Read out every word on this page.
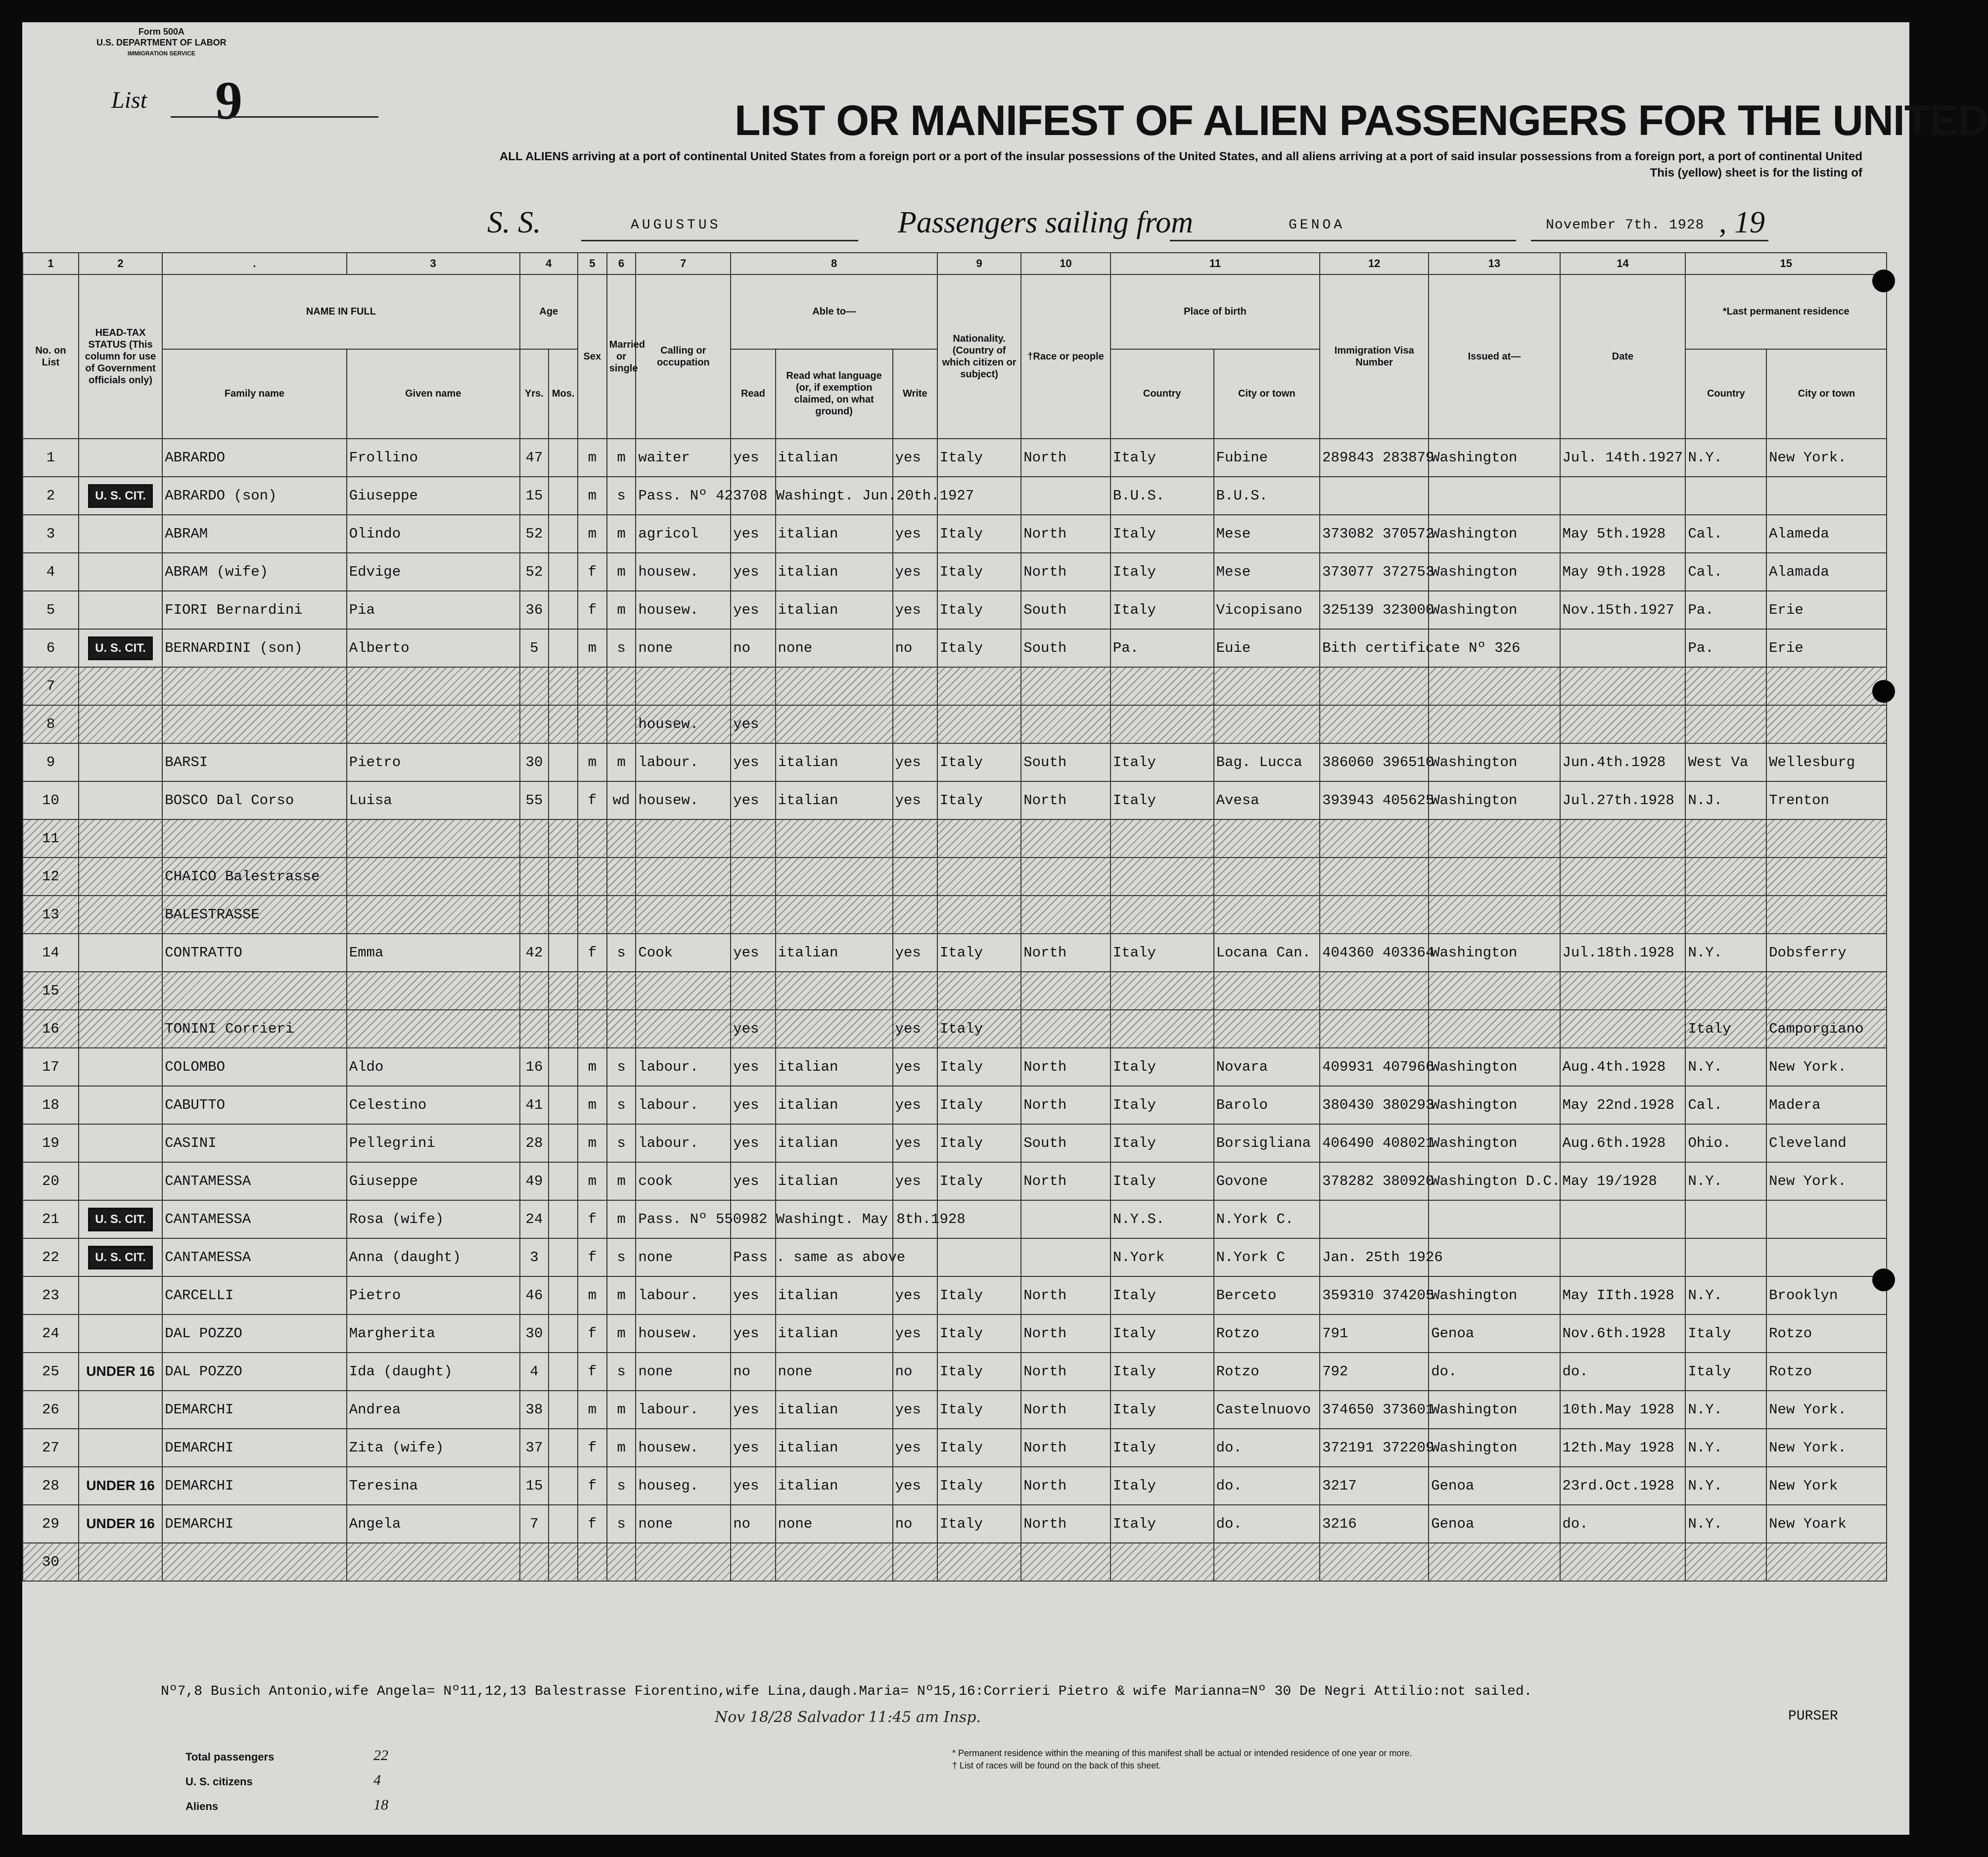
Form 500A
U.S. DEPARTMENT OF LABOR
IMMIGRATION SERVICE
List 9	LIST OR MANIFEST OF ALIEN PASSENGERS FOR THE UNITED
ALL ALIENS arriving at a port of continental United States from a foreign port or a port of the insular possessions of the United States, and all aliens arriving at a port of said insular possessions from a foreign port, a port of continental United
This (yellow) sheet is for the listing of
S. S.	AUGUSTUS	Passengers sailing from	GENOA	November 7th. 1928 , 19
1	2	.	3	4		5	6	7	8			9	10	11		12	13	14	15	
No. on List	HEAD-TAX STATUS (This column for use of Government officials only)	NAME IN FULL		Age		Sex	Married or single	Calling or occupation	Able to—			Nationality. (Country of which citizen or subject)	†Race or people	Place of birth		Immigration Visa Number	Issued at—	Date	*Last permanent residence	
		Family name	Given name	Yrs.	Mos.				Read	Read what language (or, if exemption claimed, on what ground)	Write			Country	City or town				Country	City or town
1		ABRARDO	Frollino	47		m	m	waiter	yes	italian	yes	Italy	North	Italy	Fubine	289843 283879	Washington	Jul. 14th.1927	N.Y.	New York.
2	U. S. CIT.	ABRARDO (son)	Giuseppe	15		m	s	Pass. Nº 423708 Washingt. Jun.20th.1927						B.U.S.	B.U.S.					
3		ABRAM	Olindo	52		m	m	agricol	yes	italian	yes	Italy	North	Italy	Mese	373082 370572	Washington	May 5th.1928	Cal.	Alameda
4		ABRAM (wife)	Edvige	52		f	m	housew.	yes	italian	yes	Italy	North	Italy	Mese	373077 372753	Washington	May 9th.1928	Cal.	Alamada
5		FIORI Bernardini	Pia	36		f	m	housew.	yes	italian	yes	Italy	South	Italy	Vicopisano	325139 323000	Washington	Nov.15th.1927	Pa.	Erie
6	U. S. CIT.	BERNARDINI (son)	Alberto	5		m	s	none	no	none	no	Italy	South	Pa.	Euie	Bith certificate Nº 326			Pa.	Erie
7																				
8								housew.	yes											
9		BARSI	Pietro	30		m	m	labour.	yes	italian	yes	Italy	South	Italy	Bag. Lucca	386060 396510	Washington	Jun.4th.1928	West Va	Wellesburg
10		BOSCO Dal Corso	Luisa	55		f	wd	housew.	yes	italian	yes	Italy	North	Italy	Avesa	393943 405625	Washington	Jul.27th.1928	N.J.	Trenton
11																				
12		CHAICO Balestrasse																		
13		BALESTRASSE																		
14		CONTRATTO	Emma	42		f	s	Cook	yes	italian	yes	Italy	North	Italy	Locana Can.	404360 403364	Washington	Jul.18th.1928	N.Y.	Dobsferry
15																				
16		TONINI Corrieri							yes		yes	Italy							Italy	Camporgiano
17		COLOMBO	Aldo	16		m	s	labour.	yes	italian	yes	Italy	North	Italy	Novara	409931 407966	Washington	Aug.4th.1928	N.Y.	New York.
18		CABUTTO	Celestino	41		m	s	labour.	yes	italian	yes	Italy	North	Italy	Barolo	380430 380293	Washington	May 22nd.1928	Cal.	Madera
19		CASINI	Pellegrini	28		m	s	labour.	yes	italian	yes	Italy	South	Italy	Borsigliana	406490 408021	Washington	Aug.6th.1928	Ohio.	Cleveland
20		CANTAMESSA	Giuseppe	49		m	m	cook	yes	italian	yes	Italy	North	Italy	Govone	378282 380920	Washington D.C.	May 19/1928	N.Y.	New York.
21	U. S. CIT.	CANTAMESSA	Rosa (wife)	24		f	m	Pass. Nº 550982 Washingt. May 8th.1928						N.Y.S.	N.York C.					
22	U. S. CIT.	CANTAMESSA	Anna (daught)	3		f	s	none	Pass . same as above					N.York	N.York C	Jan. 25th 1926				
23		CARCELLI	Pietro	46		m	m	labour.	yes	italian	yes	Italy	North	Italy	Berceto	359310 374205	Washington	May IIth.1928	N.Y.	Brooklyn
24		DAL POZZO	Margherita	30		f	m	housew.	yes	italian	yes	Italy	North	Italy	Rotzo	791	Genoa	Nov.6th.1928	Italy	Rotzo
25	UNDER 16	DAL POZZO	Ida (daught)	4		f	s	none	no	none	no	Italy	North	Italy	Rotzo	792	do.	do.	Italy	Rotzo
26		DEMARCHI	Andrea	38		m	m	labour.	yes	italian	yes	Italy	North	Italy	Castelnuovo	374650 373601	Washington	10th.May 1928	N.Y.	New York.
27		DEMARCHI	Zita (wife)	37		f	m	housew.	yes	italian	yes	Italy	North	Italy	do.	372191 372209	Washington	12th.May 1928	N.Y.	New York.
28	UNDER 16	DEMARCHI	Teresina	15		f	s	houseg.	yes	italian	yes	Italy	North	Italy	do.	3217	Genoa	23rd.Oct.1928	N.Y.	New York
29	UNDER 16	DEMARCHI	Angela	7		f	s	none	no	none	no	Italy	North	Italy	do.	3216	Genoa	do.	N.Y.	New Yoark
30																				
Nº7,8 Busich Antonio,wife Angela= Nº11,12,13 Balestrasse Fiorentino,wife Lina,daugh.Maria= Nº15,16:Corrieri Pietro & wife Marianna=Nº 30 De Negri Attilio:not sailed.
Nov 18/28 Salvador 11:45 am Insp.
Total passengers	22
U. S. citizens	4
Aliens	18
* Permanent residence within the meaning of this manifest shall be actual or intended residence of one year or more.
† List of races will be found on the back of this sheet.
PURSER
